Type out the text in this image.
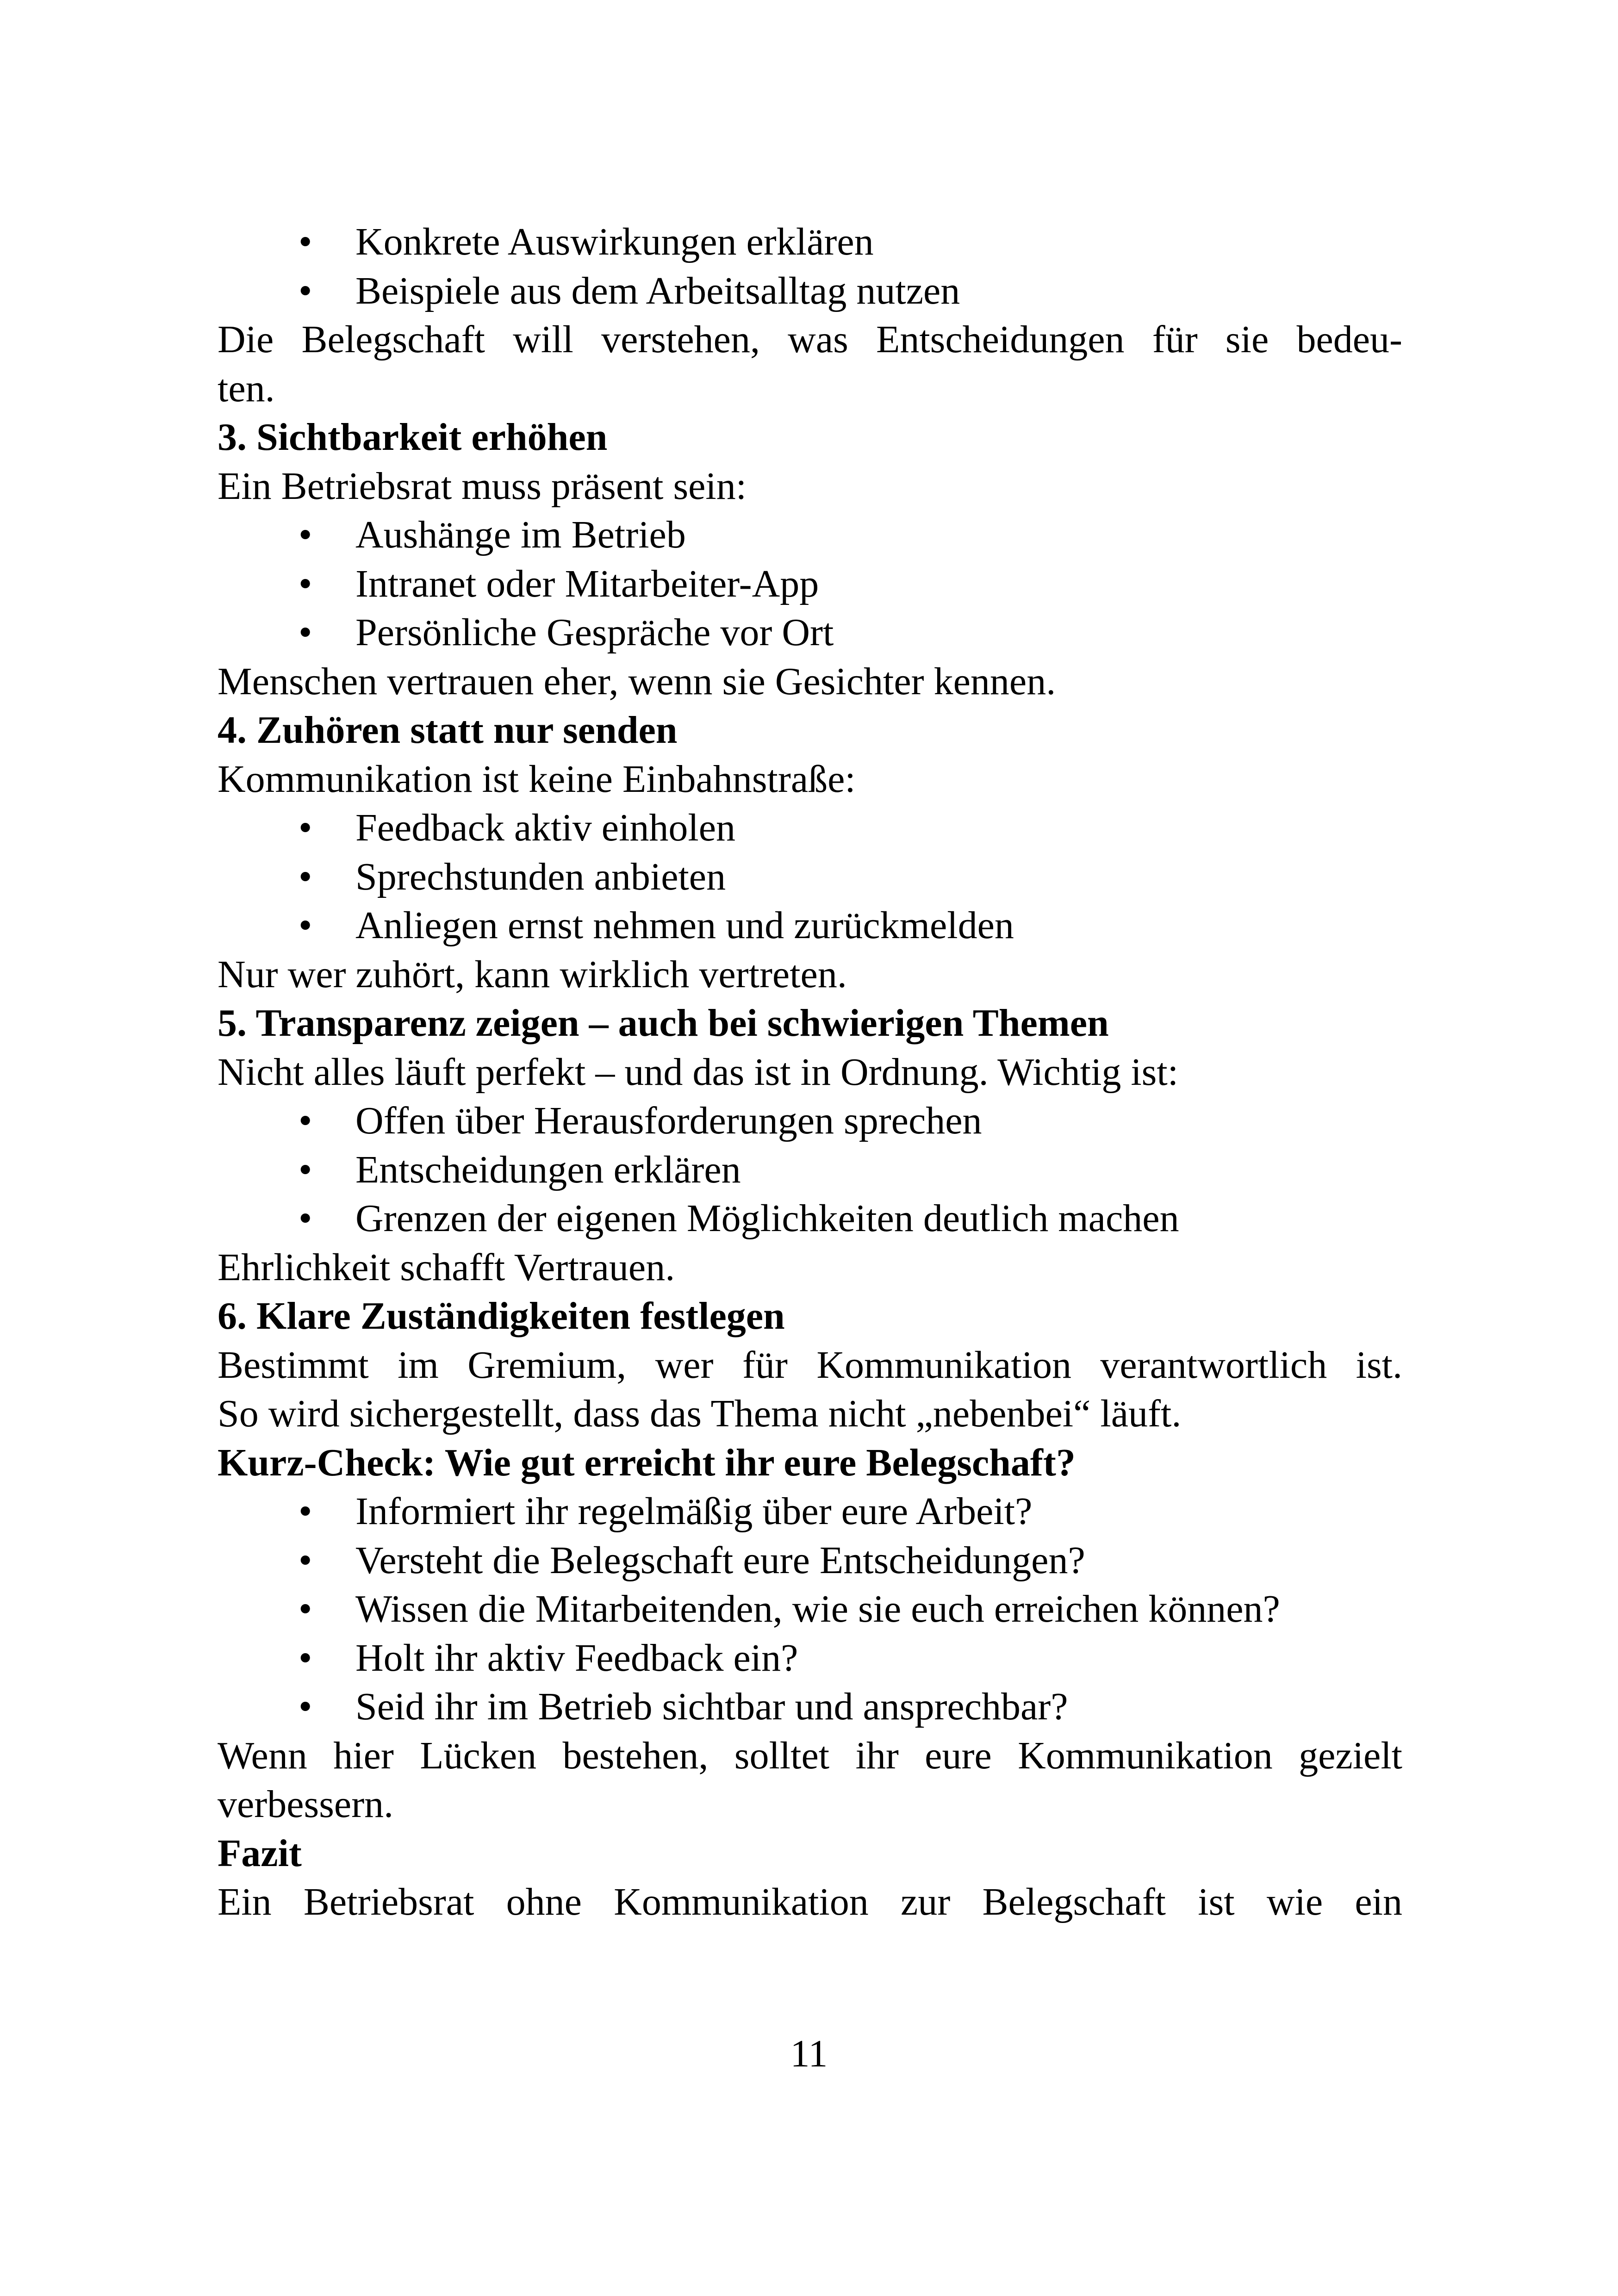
• Konkrete Auswirkungen erklären
• Beispiele aus dem Arbeitsalltag nutzen
Die Belegschaft will verstehen, was Entscheidungen für sie bedeu-
ten.
3. Sichtbarkeit erhöhen
Ein Betriebsrat muss präsent sein:
• Aushänge im Betrieb
• Intranet oder Mitarbeiter-App
• Persönliche Gespräche vor Ort
Menschen vertrauen eher, wenn sie Gesichter kennen.
4. Zuhören statt nur senden
Kommunikation ist keine Einbahnstraße:
• Feedback aktiv einholen
• Sprechstunden anbieten
• Anliegen ernst nehmen und zurückmelden
Nur wer zuhört, kann wirklich vertreten.
5. Transparenz zeigen – auch bei schwierigen Themen
Nicht alles läuft perfekt – und das ist in Ordnung. Wichtig ist:
• Offen über Herausforderungen sprechen
• Entscheidungen erklären
• Grenzen der eigenen Möglichkeiten deutlich machen
Ehrlichkeit schafft Vertrauen.
6. Klare Zuständigkeiten festlegen
Bestimmt im Gremium, wer für Kommunikation verantwortlich ist.
So wird sichergestellt, dass das Thema nicht „nebenbei“ läuft.
Kurz-Check: Wie gut erreicht ihr eure Belegschaft?
• Informiert ihr regelmäßig über eure Arbeit?
• Versteht die Belegschaft eure Entscheidungen?
• Wissen die Mitarbeitenden, wie sie euch erreichen können?
• Holt ihr aktiv Feedback ein?
• Seid ihr im Betrieb sichtbar und ansprechbar?
Wenn hier Lücken bestehen, solltet ihr eure Kommunikation gezielt
verbessern.
Fazit
Ein Betriebsrat ohne Kommunikation zur Belegschaft ist wie ein
11
